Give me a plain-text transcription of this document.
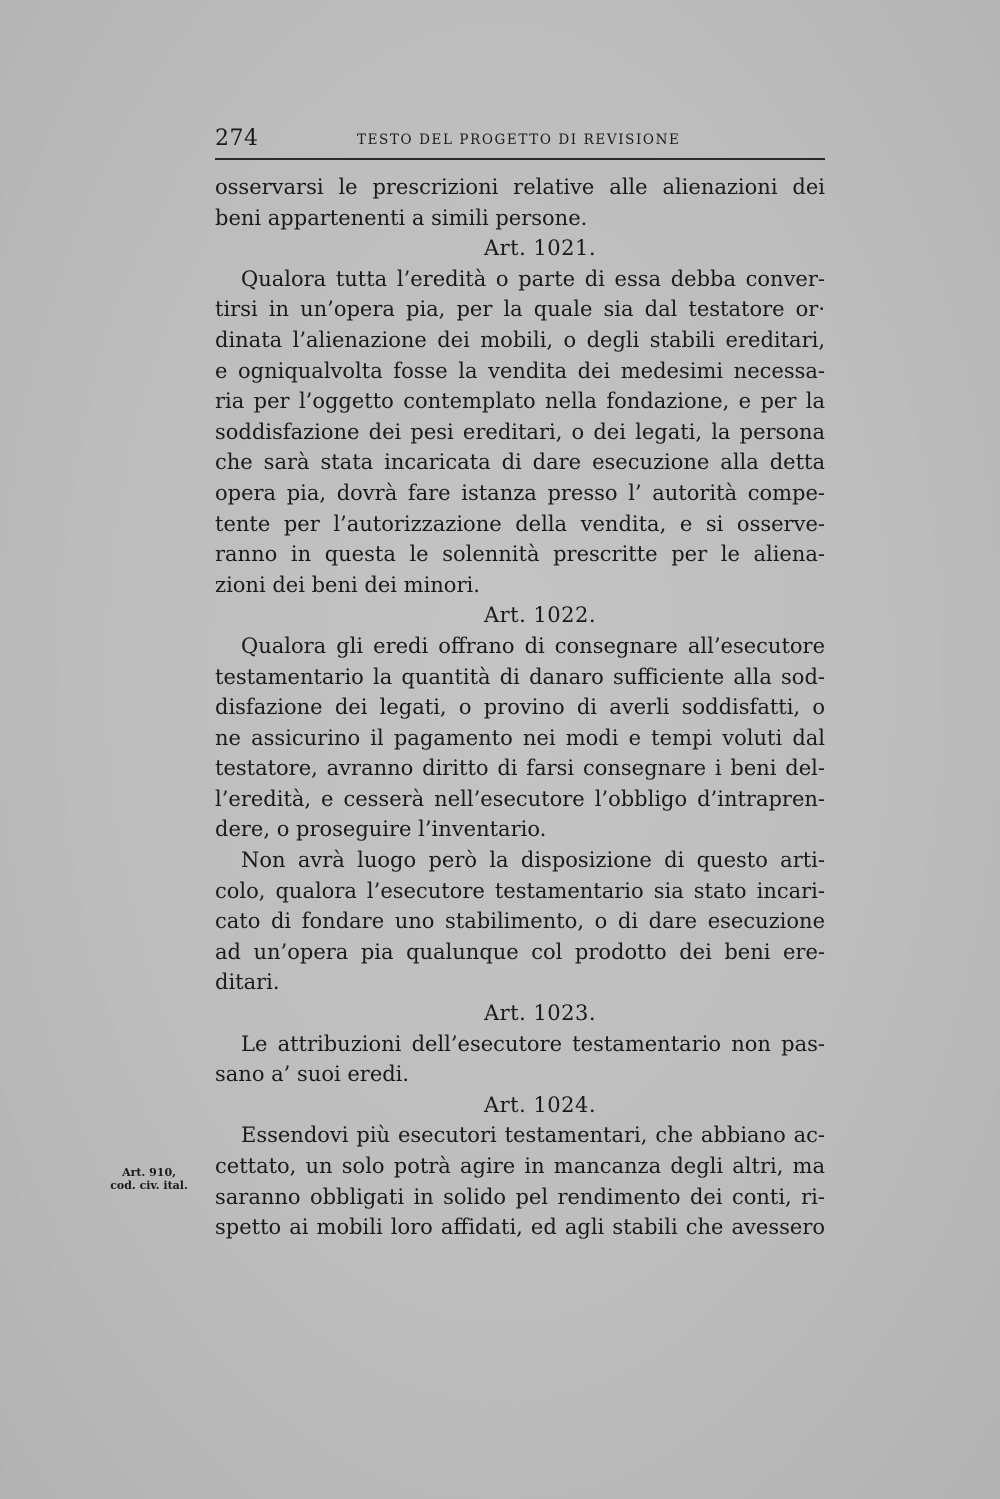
274	TESTO DEL PROGETTO DI REVISIONE
osservarsi le prescrizioni relative alle alienazioni dei
beni appartenenti a simili persone.
Art. 1021.
Qualora tutta l’eredità o parte di essa debba conver-
tirsi in un’opera pia, per la quale sia dal testatore or·
dinata l’alienazione dei mobili, o degli stabili ereditari,
e ogniqualvolta fosse la vendita dei medesimi necessa-
ria per l’oggetto contemplato nella fondazione, e per la
soddisfazione dei pesi ereditari, o dei legati, la persona
che sarà stata incaricata di dare esecuzione alla detta
opera pia, dovrà fare istanza presso l’ autorità compe-
tente per l’autorizzazione della vendita, e si osserve-
ranno in questa le solennità prescritte per le aliena-
zioni dei beni dei minori.
Art. 1022.
Qualora gli eredi offrano di consegnare all’esecutore
testamentario la quantità di danaro sufficiente alla sod-
disfazione dei legati, o provino di averli soddisfatti, o
ne assicurino il pagamento nei modi e tempi voluti dal
testatore, avranno diritto di farsi consegnare i beni del-
l’eredità, e cesserà nell’esecutore l’obbligo d’intrapren-
dere, o proseguire l’inventario.
Non avrà luogo però la disposizione di questo arti-
colo, qualora l’esecutore testamentario sia stato incari-
cato di fondare uno stabilimento, o di dare esecuzione
ad un’opera pia qualunque col prodotto dei beni ere-
ditari.
Art. 1023.
Le attribuzioni dell’esecutore testamentario non pas-
sano a’ suoi eredi.
Art. 1024.
Essendovi più esecutori testamentari, che abbiano ac-
cettato, un solo potrà agire in mancanza degli altri, ma
saranno obbligati in solido pel rendimento dei conti, ri-
spetto ai mobili loro affidati, ed agli stabili che avessero
Art. 910,
cod. civ. ital.
